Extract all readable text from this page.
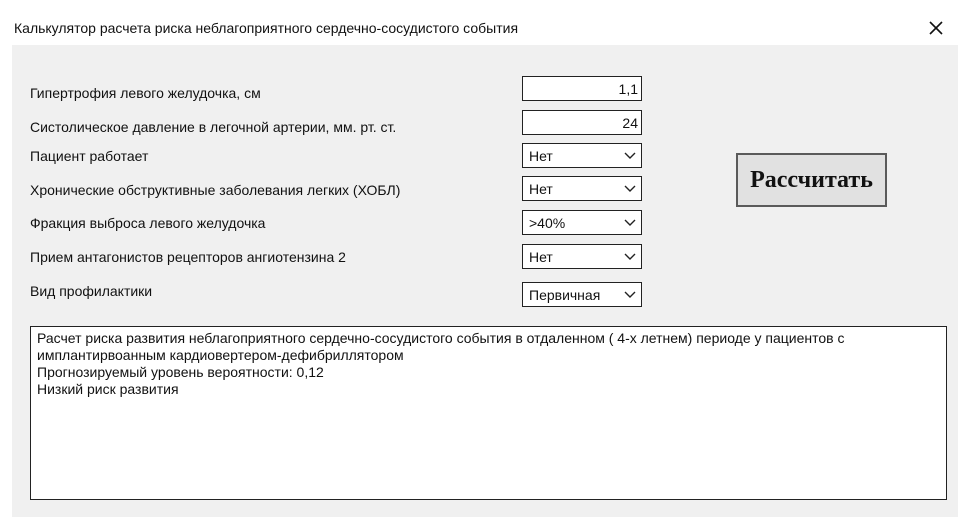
Калькулятор расчета риска неблагоприятного сердечно-сосудистого события
Гипертрофия левого желудочка, см	1,1
Систолическое давление в легочной артерии, мм. рт. ст.	24
Пациент работает	Нет
Хронические обструктивные заболевания легких (ХОБЛ)	Нет
Фракция выброса левого желудочка	>40%
Прием антагонистов рецепторов ангиотензина 2	Нет
Вид профилактики	Первичная
Рассчитать
Расчет риска развития неблагоприятного сердечно-сосудистого события в отдаленном ( 4-х летнем) периоде у пациентов с
имплантирвоанным кардиовертером-дефибриллятором
Прогнозируемый уровень вероятности: 0,12
Низкий риск развития
